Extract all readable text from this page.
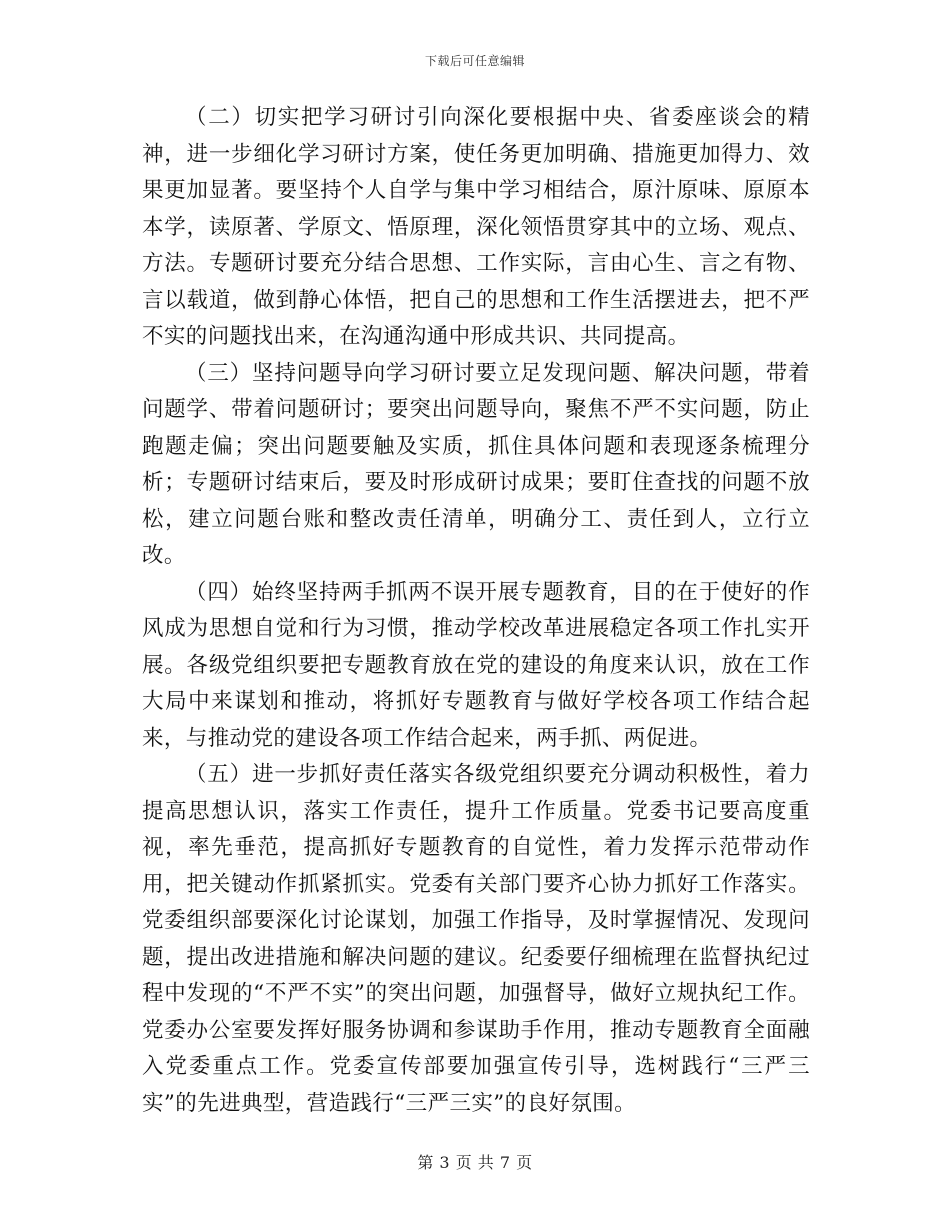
下载后可任意编辑

（二）切实把学习研讨引向深化要根据中央、省委座谈会的精神，进一步细化学习研讨方案，使任务更加明确、措施更加得力、效果更加显著。要坚持个人自学与集中学习相结合，原汁原味、原原本本学，读原著、学原文、悟原理，深化领悟贯穿其中的立场、观点、方法。专题研讨要充分结合思想、工作实际，言由心生、言之有物、言以载道，做到静心体悟，把自己的思想和工作生活摆进去，把不严不实的问题找出来，在沟通沟通中形成共识、共同提高。

（三）坚持问题导向学习研讨要立足发现问题、解决问题，带着问题学、带着问题研讨；要突出问题导向，聚焦不严不实问题，防止跑题走偏；突出问题要触及实质，抓住具体问题和表现逐条梳理分析；专题研讨结束后，要及时形成研讨成果；要盯住查找的问题不放松，建立问题台账和整改责任清单，明确分工、责任到人，立行立改。

（四）始终坚持两手抓两不误开展专题教育，目的在于使好的作风成为思想自觉和行为习惯，推动学校改革进展稳定各项工作扎实开展。各级党组织要把专题教育放在党的建设的角度来认识，放在工作大局中来谋划和推动，将抓好专题教育与做好学校各项工作结合起来，与推动党的建设各项工作结合起来，两手抓、两促进。

（五）进一步抓好责任落实各级党组织要充分调动积极性，着力提高思想认识，落实工作责任，提升工作质量。党委书记要高度重视，率先垂范，提高抓好专题教育的自觉性，着力发挥示范带动作用，把关键动作抓紧抓实。党委有关部门要齐心协力抓好工作落实。党委组织部要深化讨论谋划，加强工作指导，及时掌握情况、发现问题，提出改进措施和解决问题的建议。纪委要仔细梳理在监督执纪过程中发现的“不严不实”的突出问题，加强督导，做好立规执纪工作。党委办公室要发挥好服务协调和参谋助手作用，推动专题教育全面融入党委重点工作。党委宣传部要加强宣传引导，选树践行“三严三实”的先进典型，营造践行“三严三实”的良好氛围。

第 3 页 共 7 页
